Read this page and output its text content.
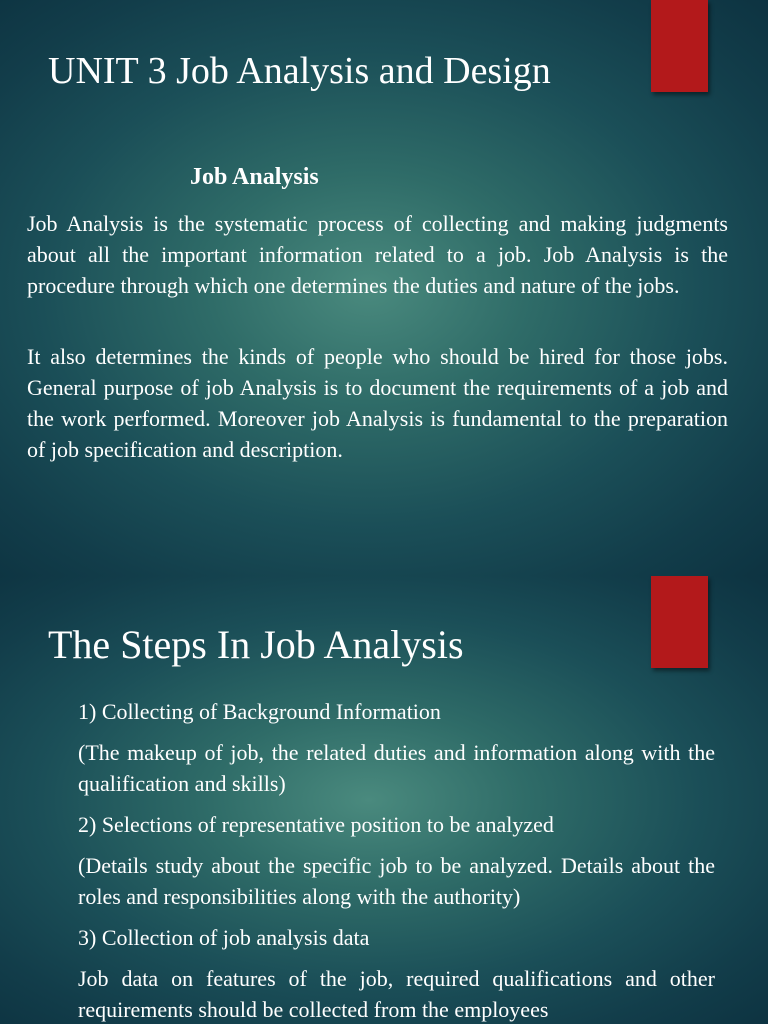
UNIT 3 Job Analysis and Design
Job Analysis

Job Analysis is the systematic process of collecting and making judgments about all the important information related to a job. Job Analysis is the procedure through which one determines the duties and nature of the jobs.

It also determines the kinds of people who should be hired for those jobs. General purpose of job Analysis is to document the requirements of a job and the work performed. Moreover job Analysis is fundamental to the preparation of job specification and description.

The Steps In Job Analysis
1) Collecting of Background Information
(The makeup of job, the related duties and information along with the qualification and skills)
2) Selections of representative position to be analyzed
(Details study about the specific job to be analyzed. Details about the roles and responsibilities along with the authority)
3) Collection of job analysis data
Job data on features of the job, required qualifications and other requirements should be collected from the employees
